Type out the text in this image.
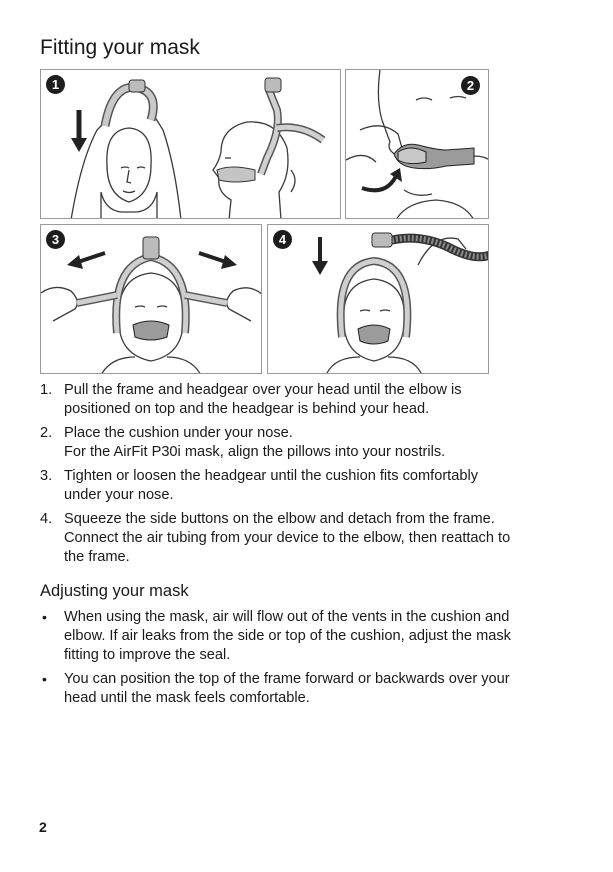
Fitting your mask
1	2
3	4
1. Pull the frame and headgear over your head until the elbow is
positioned on top and the headgear is behind your head.
2. Place the cushion under your nose.
For the AirFit P30i mask, align the pillows into your nostrils.
3. Tighten or loosen the headgear until the cushion fits comfortably
under your nose.
4. Squeeze the side buttons on the elbow and detach from the frame.
Connect the air tubing from your device to the elbow, then reattach to
the frame.
Adjusting your mask
• When using the mask, air will flow out of the vents in the cushion and
elbow. If air leaks from the side or top of the cushion, adjust the mask
fitting to improve the seal.
• You can position the top of the frame forward or backwards over your
head until the mask feels comfortable.
2
